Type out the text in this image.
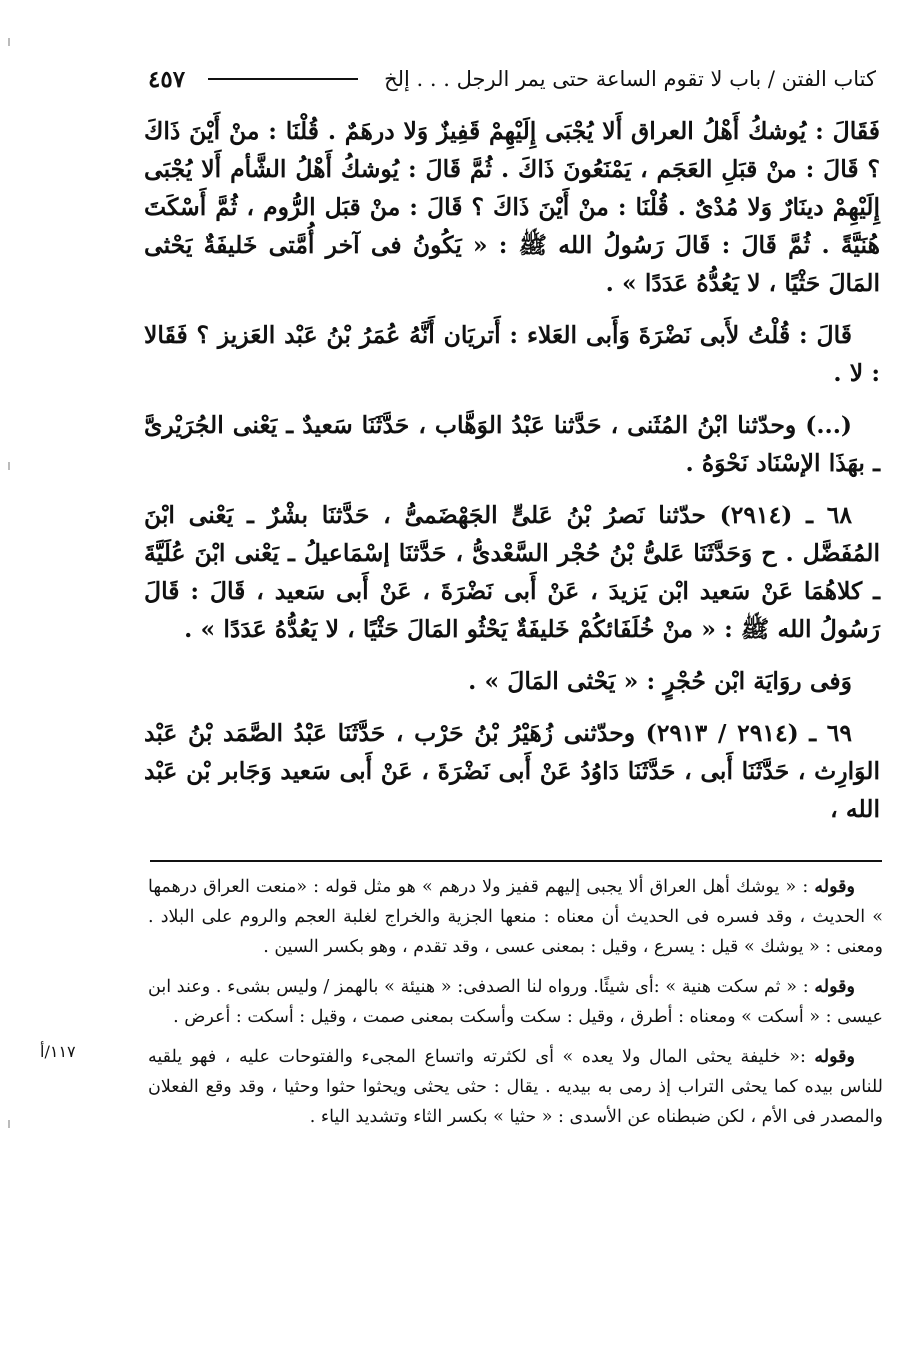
٤٥٧	كتاب الفتن / باب لا تقوم الساعة حتى يمر الرجل . . . إلخ

فَقَالَ : يُوشكُ أَهْلُ العراق أَلا يُجْبَى إِلَيْهِمْ قَفِيزٌ وَلا درهَمٌ . قُلْنَا : منْ أَيْنَ ذَاكَ ؟ قَالَ : منْ قبَلِ العَجَم ، يَمْنَعُونَ ذَاكَ . ثُمَّ قَالَ : يُوشكُ أَهْلُ الشَّأم أَلا يُجْبَى إِلَيْهِمْ دينَارٌ وَلا مُدْىٌ . قُلْنَا : منْ أَيْنَ ذَاكَ ؟ قَالَ : منْ قبَل الرُّوم ، ثُمَّ أَسْكَتَ هُنَيَّةً . ثُمَّ قَالَ : قَالَ رَسُولُ الله ﷺ : « يَكُونُ فى آخر أُمَّتى خَليفَةٌ يَحْثى المَالَ حَثْيًا ، لا يَعُدُّهُ عَدَدًا » .

قَالَ : قُلْتُ لأَبى نَضْرَةَ وَأَبى العَلاء : أَتريَان أَنَّهُ عُمَرُ بْنُ عَبْد العَزيز ؟ فَقَالا : لا .

(...) وحدّثنا ابْنُ المُثَنى ، حَدَّثنا عَبْدُ الوَهَّاب ، حَدَّثَنَا سَعيدٌ ـ يَعْنى الجُرَيْرىَّ ـ بهَذَا الإسْنَاد نَحْوَهُ .

٦٨ ـ (٢٩١٤) حدّثنا نَصرُ بْنُ عَلىٍّ الجَهْضَمىُّ ، حَدَّثنَا بشْرٌ ـ يَعْنى ابْنَ المُفَضَّل . ح وَحَدَّثَنَا عَلىُّ بْنُ حُجْر السَّعْدىُّ ، حَدَّثنَا إسْمَاعيلُ ـ يَعْنى ابْنَ عُلَيَّةَ ـ كلاهُمَا عَنْ سَعيد ابْن يَزيدَ ، عَنْ أَبى نَضْرَةَ ، عَنْ أَبى سَعيد ، قَالَ : قَالَ رَسُولُ الله ﷺ : « منْ خُلَفَائكُمْ خَليفَةٌ يَحْثُو المَالَ حَثْيًا ، لا يَعُدُّهُ عَدَدًا » .

وَفى روَايَة ابْن حُجْرٍ : « يَحْثى المَالَ » .

٦٩ ـ (٢٩١٤ / ٢٩١٣) وحدّثنى زُهَيْرُ بْنُ حَرْب ، حَدَّثَنَا عَبْدُ الصَّمَد بْنُ عَبْد الوَارِث ، حَدَّثَنَا أَبى ، حَدَّثَنَا دَاوُدُ عَنْ أَبى نَضْرَةَ ، عَنْ أَبى سَعيد وَجَابر بْن عَبْد الله ،

وقوله : « يوشك أهل العراق ألا يجبى إليهم قفيز ولا درهم » هو مثل قوله : «منعت العراق درهمها » الحديث ، وقد فسره فى الحديث أن معناه : منعها الجزية والخراج لغلبة العجم والروم على البلاد . ومعنى : « يوشك » قيل : يسرع ، وقيل : بمعنى عسى ، وقد تقدم ، وهو بكسر السين .

وقوله : « ثم سكت هنية » :أى شيئًا. ورواه لنا الصدفى: « هنيئة » بالهمز / وليس بشىء . وعند ابن عيسى : « أسكت » ومعناه : أطرق ، وقيل : سكت وأسكت بمعنى صمت ، وقيل : أسكت : أعرض .

وقوله :« خليفة يحثى المال ولا يعده » أى لكثرته واتساع المجىء والفتوحات عليه ، فهو يلقيه للناس بيده كما يحثى التراب إذ رمى به بيديه . يقال : حثى يحثى ويحثوا حثوا وحثيا ، وقد وقع الفعلان والمصدر فى الأم ، لكن ضبطناه عن الأسدى : « حثيا » بكسر الثاء وتشديد الياء .

١١٧/أ
